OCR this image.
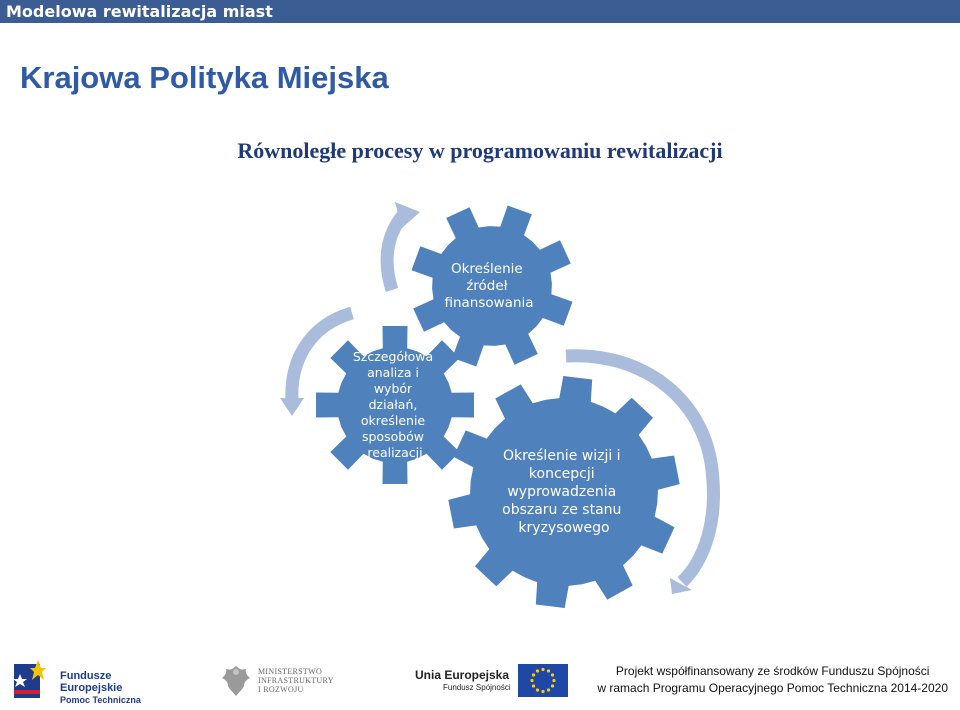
Modelowa rewitalizacja miast
Krajowa Polityka Miejska
Równoległe procesy w programowaniu rewitalizacji
Określenie źródeł finansowania
Szczegółowa analiza i wybór działań, określenie sposobów realizacji	Określenie wizji i koncepcji wyprowadzenia obszaru ze stanu kryzysowego
Fundusze
Europejskie
Pomoc Techniczna
MINISTERSTWO
INFRASTRUKTURY
I ROZWOJU
Unia Europejska
Fundusz Spójności
Projekt współfinansowany ze środków Funduszu Spójności
w ramach Programu Operacyjnego Pomoc Techniczna 2014-2020
